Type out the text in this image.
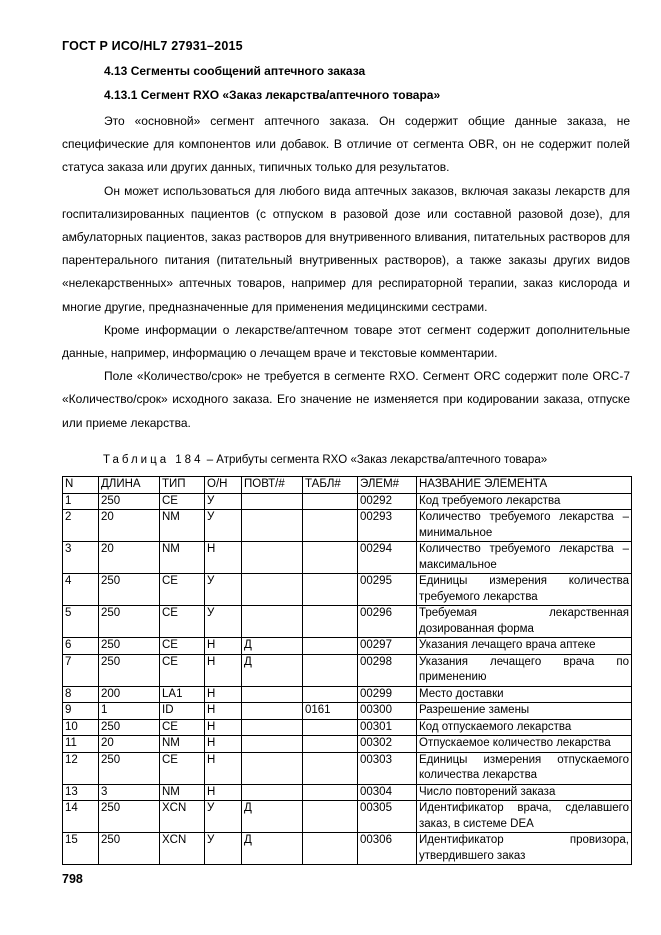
ГОСТ Р ИСО/HL7 27931–2015
4.13 Сегменты сообщений аптечного заказа
4.13.1 Сегмент RXO «Заказ лекарства/аптечного товара»

Это «основной» сегмент аптечного заказа. Он содержит общие данные заказа, не специфические для компонентов или добавок. В отличие от сегмента OBR, он не содержит полей статуса заказа или других данных, типичных только для результатов.

Он может использоваться для любого вида аптечных заказов, включая заказы лекарств для госпитализированных пациентов (с отпуском в разовой дозе или составной разовой дозе), для амбулаторных пациентов, заказ растворов для внутривенного вливания, питательных растворов для парентерального питания (питательный внутривенных растворов), а также заказы других видов «нелекарственных» аптечных товаров, например для респираторной терапии, заказ кислорода и многие другие, предназначенные для применения медицинскими сестрами.

Кроме информации о лекарстве/аптечном товаре этот сегмент содержит дополнительные данные, например, информацию о лечащем враче и текстовые комментарии.

Поле «Количество/срок» не требуется в сегменте RXO. Сегмент ORC содержит поле ORC-7 «Количество/срок» исходного заказа. Его значение не изменяется при кодировании заказа, отпуске или приеме лекарства.

Таблица 184 – Атрибуты сегмента RXO «Заказ лекарства/аптечного товара»
N	ДЛИНА	ТИП	О/Н	ПОВТ/#	ТАБЛ#	ЭЛЕМ#	НАЗВАНИЕ ЭЛЕМЕНТА
1	250	CE	У			00292	Код требуемого лекарства
2	20	NM	У			00293	Количество требуемого лекарства – минимальное
3	20	NM	Н			00294	Количество требуемого лекарства – максимальное
4	250	CE	У			00295	Единицы измерения количества требуемого лекарства
5	250	CE	У			00296	Требуемая лекарственная дозированная форма
6	250	CE	Н	Д		00297	Указания лечащего врача аптеке
7	250	CE	Н	Д		00298	Указания лечащего врача по применению
8	200	LA1	Н			00299	Место доставки
9	1	ID	Н		0161	00300	Разрешение замены
10	250	CE	Н			00301	Код отпускаемого лекарства
11	20	NM	Н			00302	Отпускаемое количество лекарства
12	250	CE	Н			00303	Единицы измерения отпускаемого количества лекарства
13	3	NM	Н			00304	Число повторений заказа
14	250	XCN	У	Д		00305	Идентификатор врача, сделавшего заказ, в системе DEA
15	250	XCN	У	Д		00306	Идентификатор провизора, утвердившего заказ
798
